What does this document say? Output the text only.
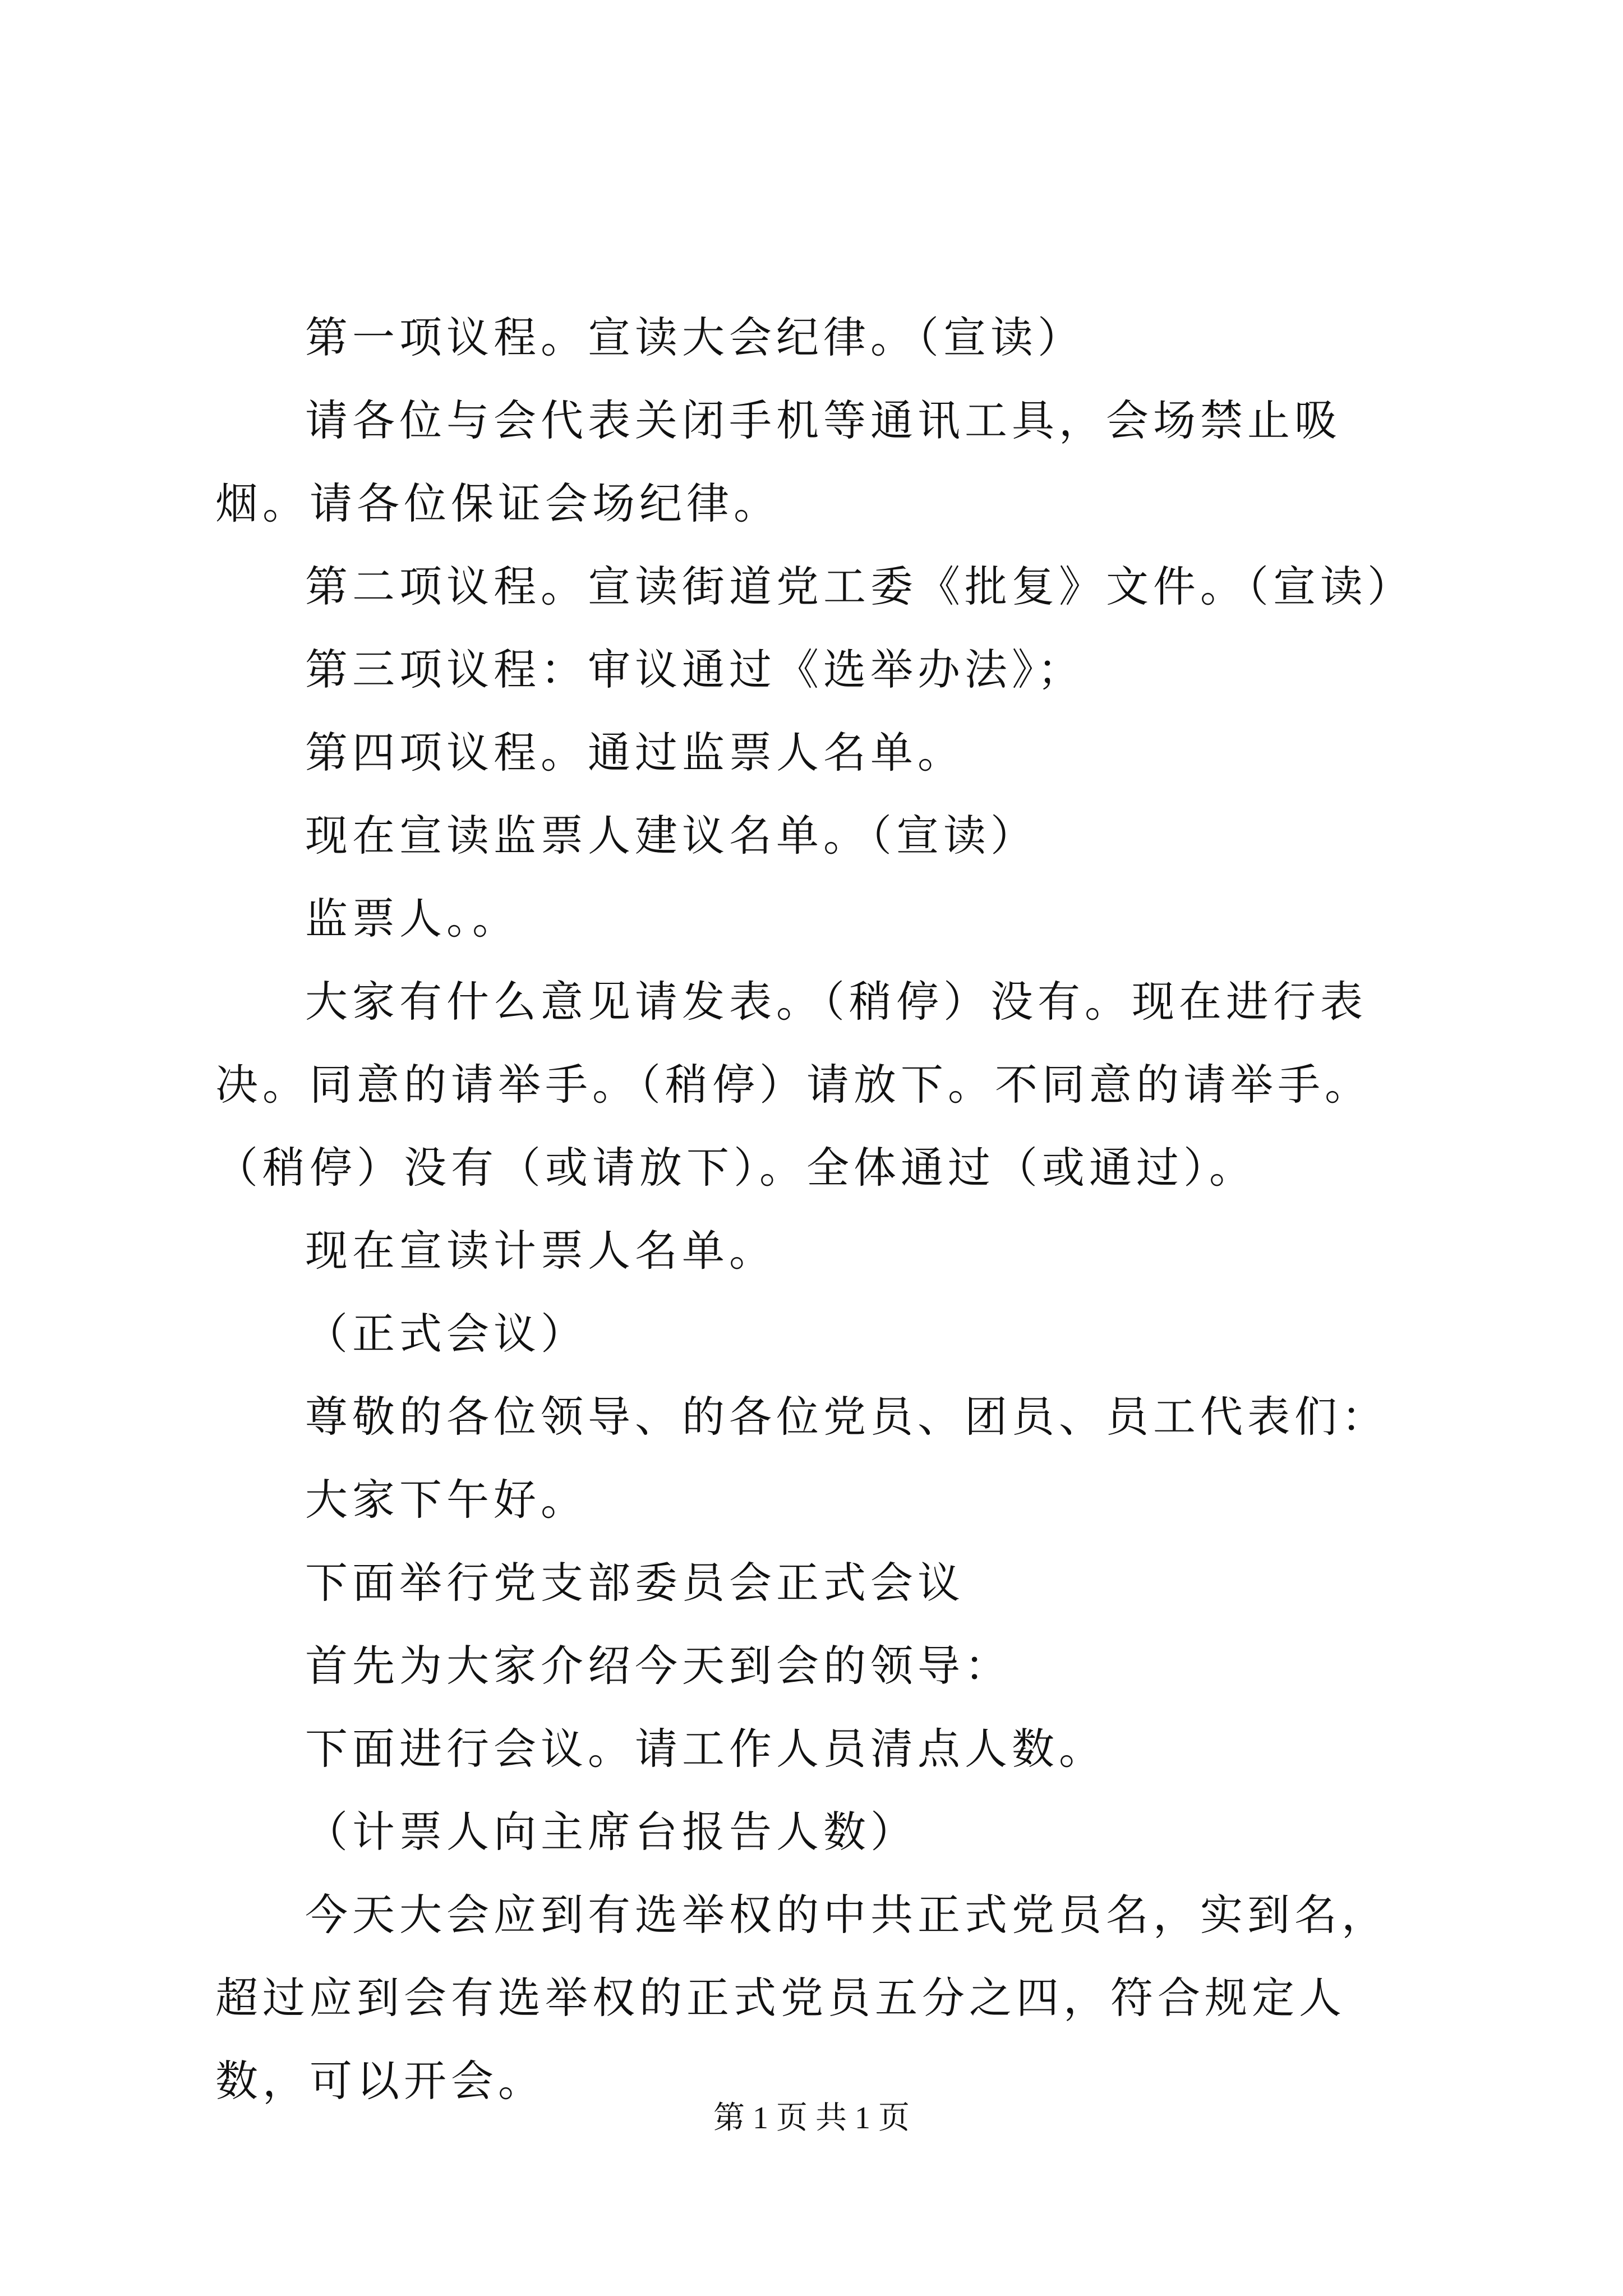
第一项议程。宣读大会纪律。（宣读）

请各位与会代表关闭手机等通讯工具，会场禁止吸烟。请各位保证会场纪律。

第二项议程。宣读街道党工委《批复》文件。（宣读）

第三项议程：审议通过《选举办法》；

第四项议程。通过监票人名单。

现在宣读监票人建议名单。（宣读）

监票人。。

大家有什么意见请发表。（稍停）没有。现在进行表决。同意的请举手。（稍停）请放下。不同意的请举手。（稍停）没有（或请放下）。全体通过（或通过）。

现在宣读计票人名单。

（正式会议）

尊敬的各位领导、的各位党员、团员、员工代表们：

大家下午好。

下面举行党支部委员会正式会议

首先为大家介绍今天到会的领导：

下面进行会议。请工作人员清点人数。

（计票人向主席台报告人数）

今天大会应到有选举权的中共正式党员名，实到名，超过应到会有选举权的正式党员五分之四，符合规定人数，可以开会。

第 1 页 共 1 页
